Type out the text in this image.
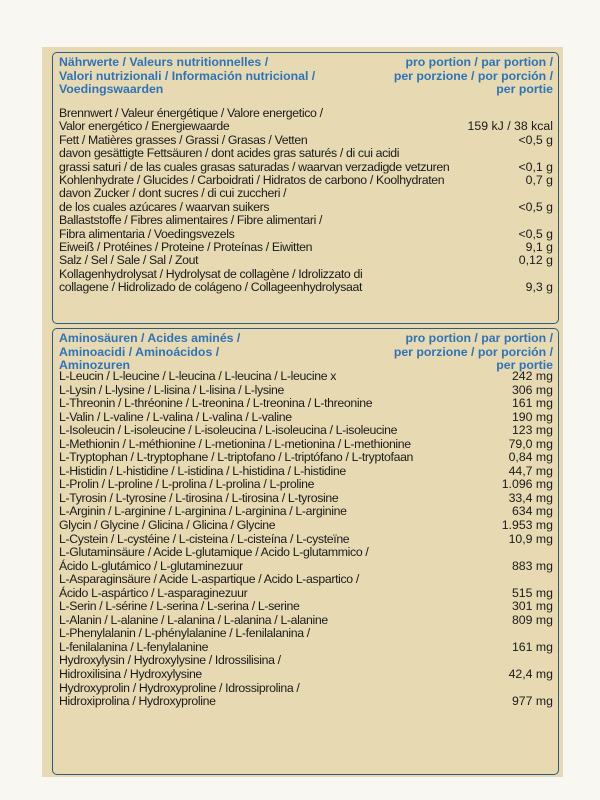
Nährwerte / Valeurs nutritionnelles /
Valori nutrizionali / Información nutricional /
Voedingswaarden
pro portion / par portion /
per porzione / por porción /
per portie
Brennwert / Valeur énergétique / Valore energetico /
Valor energético / Energiewaarde	159 kJ / 38 kcal
Fett / Matières grasses / Grassi / Grasas / Vetten	<0,5 g
davon gesättigte Fettsäuren / dont acides gras saturés / di cui acidi
grassi saturi / de las cuales grasas saturadas / waarvan verzadigde vetzuren	<0,1 g
Kohlenhydrate / Glucides / Carboidrati / Hidratos de carbono / Koolhydraten	0,7 g
davon Zucker / dont sucres / di cui zuccheri /
de los cuales azúcares / waarvan suikers	<0,5 g
Ballaststoffe / Fibres alimentaires / Fibre alimentari /
Fibra alimentaria / Voedingsvezels	<0,5 g
Eiweiß / Protéines / Proteine / Proteínas / Eiwitten	9,1 g
Salz / Sel / Sale / Sal / Zout	0,12 g
Kollagenhydrolysat / Hydrolysat de collagène / Idrolizzato di
collagene / Hidrolizado de colágeno / Collageenhydrolysaat	9,3 g
Aminosäuren / Acides aminés /
Aminoacidi / Aminoácidos /
Aminozuren
pro portion / par portion /
per porzione / por porción /
per portie
L-Leucin / L-leucine / L-leucina / L-leucina / L-leucine x	242 mg
L-Lysin / L-lysine / L-lisina / L-lisina / L-lysine	306 mg
L-Threonin / L-thréonine / L-treonina / L-treonina / L-threonine	161 mg
L-Valin / L-valine / L-valina / L-valina / L-valine	190 mg
L-Isoleucin / L-isoleucine / L-isoleucina / L-isoleucina / L-isoleucine	123 mg
L-Methionin / L-méthionine / L-metionina / L-metionina / L-methionine	79,0 mg
L-Tryptophan / L-tryptophane / L-triptofano / L-triptófano / L-tryptofaan	0,84 mg
L-Histidin / L-histidine / L-istidina / L-histidina / L-histidine	44,7 mg
L-Prolin / L-proline / L-prolina / L-prolina / L-proline	1.096 mg
L-Tyrosin / L-tyrosine / L-tirosina / L-tirosina / L-tyrosine	33,4 mg
L-Arginin / L-arginine / L-arginina / L-arginina / L-arginine	634 mg
Glycin / Glycine / Glicina / Glicina / Glycine	1.953 mg
L-Cystein / L-cystéine / L-cisteina / L-cisteína / L-cysteïne	10,9 mg
L-Glutaminsäure / Acide L-glutamique / Acido L-glutammico /
Ácido L-glutámico / L-glutaminezuur	883 mg
L-Asparaginsäure / Acide L-aspartique / Acido L-aspartico /
Ácido L-aspártico / L-asparaginezuur	515 mg
L-Serin / L-sérine / L-serina / L-serina / L-serine	301 mg
L-Alanin / L-alanine / L-alanina / L-alanina / L-alanine	809 mg
L-Phenylalanin / L-phénylalanine / L-fenilalanina /
L-fenilalanina / L-fenylalanine	161 mg
Hydroxylysin / Hydroxylysine / Idrossilisina /
Hidroxilisina / Hydroxylysine	42,4 mg
Hydroxyprolin / Hydroxyproline / Idrossiprolina /
Hidroxiprolina / Hydroxyproline	977 mg
